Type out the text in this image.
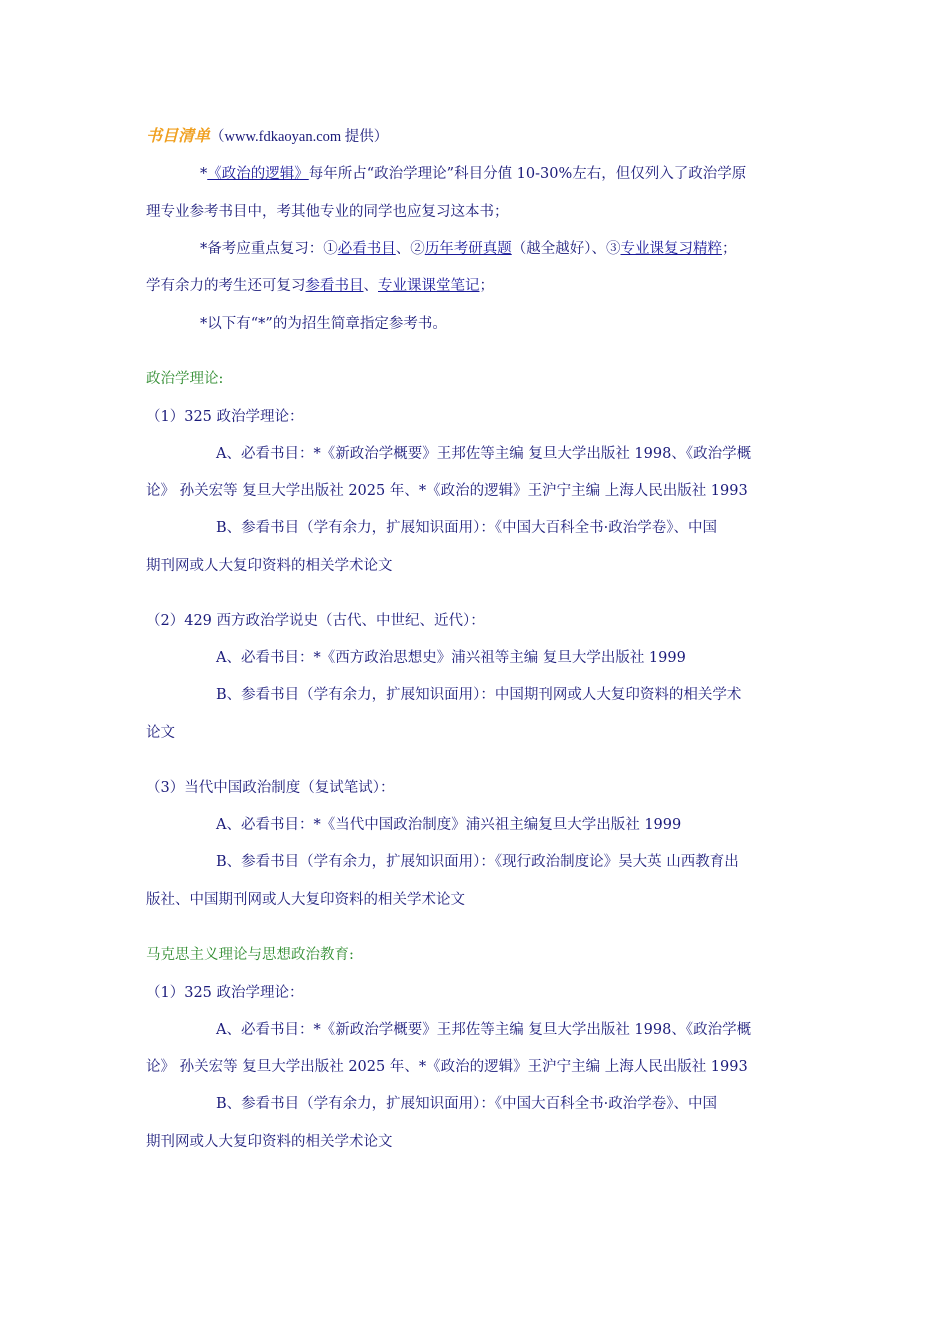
书目清单（www.fdkaoyan.com 提供）
*《政治的逻辑》每年所占“政治学理论”科目分值 10-30%左右，但仅列入了政治学原
理专业参考书目中，考其他专业的同学也应复习这本书；
*备考应重点复习：①必看书目、②历年考研真题（越全越好）、③专业课复习精粹；
学有余力的考生还可复习参看书目、专业课课堂笔记；
*以下有“*”的为招生简章指定参考书。
政治学理论:
（1）325 政治学理论：
A、必看书目：*《新政治学概要》王邦佐等主编 复旦大学出版社 1998、《政治学概
论》 孙关宏等 复旦大学出版社 2025 年、*《政治的逻辑》王沪宁主编 上海人民出版社 1993
B、参看书目（学有余力，扩展知识面用）：《中国大百科全书·政治学卷》、中国
期刊网或人大复印资料的相关学术论文
（2）429 西方政治学说史（古代、中世纪、近代）：
A、必看书目：*《西方政治思想史》浦兴祖等主编 复旦大学出版社 1999
B、参看书目（学有余力，扩展知识面用）：中国期刊网或人大复印资料的相关学术
论文
（3）当代中国政治制度（复试笔试）：
A、必看书目：*《当代中国政治制度》浦兴祖主编复旦大学出版社 1999
B、参看书目（学有余力，扩展知识面用）：《现行政治制度论》吴大英 山西教育出
版社、中国期刊网或人大复印资料的相关学术论文
马克思主义理论与思想政治教育:
（1）325 政治学理论：
A、必看书目：*《新政治学概要》王邦佐等主编 复旦大学出版社 1998、《政治学概
论》 孙关宏等 复旦大学出版社 2025 年、*《政治的逻辑》王沪宁主编 上海人民出版社 1993
B、参看书目（学有余力，扩展知识面用）：《中国大百科全书·政治学卷》、中国
期刊网或人大复印资料的相关学术论文
